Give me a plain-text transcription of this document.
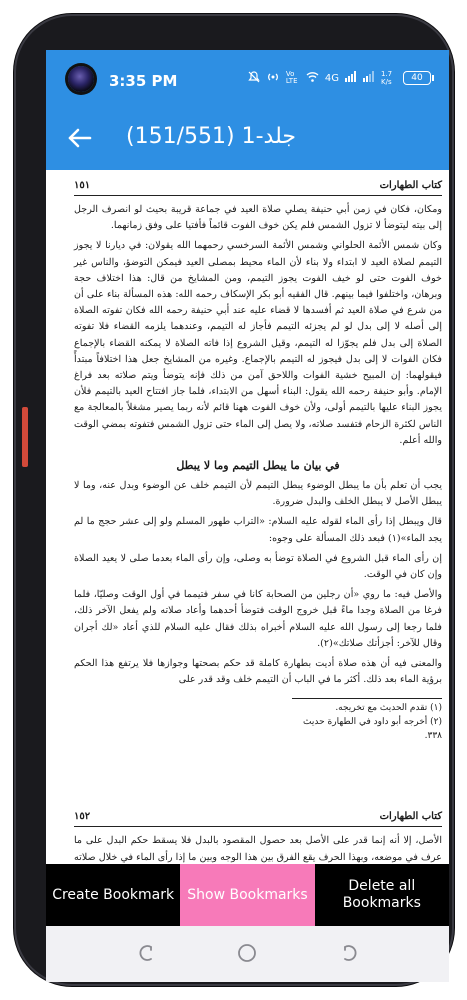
3:35 PM	Vo LTE	4G	1.7 K/s	40
جلد-1 (151/551)
كتاب الطهارات
١٥١

ومكان، فكان في زمن أبي حنيفة يصلي صلاة العيد في جماعة قريبة بحيث لو انصرف الرجل إلى بيته ليتوضأ لا تزول الشمس فلم يكن خوف الفوت قائماً فأفتيا على وفق زمانهما.

وكان شمس الأئمة الحلواني وشمس الأئمة السرخسي رحمهما الله يقولان: في ديارنا لا يجوز التيمم لصلاة العيد لا ابتداء ولا بناء لأن الماء محيط بمصلى العيد فيمكن التوضؤ، والناس غير خوف الفوت حتى لو خيف الفوت يجوز التيمم، ومن المشايخ من قال: هذا اختلاف حجة وبرهان، واختلفوا فيما بينهم. قال الفقيه أبو بكر الإسكاف رحمه الله: هذه المسألة بناء على أن من شرع في صلاة العيد ثم أفسدها لا قضاء عليه عند أبي حنيفة رحمه الله فكان تفوته الصلاة إلى أصله لا إلى بدل لو لم يجزئه التيمم فأجاز له التيمم، وعندهما يلزمه القضاء فلا تفوته الصلاة إلى بدل فلم يجوّزا له التيمم، وقيل الشروع إذا فاته الصلاة لا يمكنه القضاء بالإجماع فكان الفوات لا إلى بدل فيجوز له التيمم بالإجماع. وغيره من المشايخ جعل هذا اختلافاً مبتدأً فيقولهما: إن المبيح خشية الفوات واللاحق آمن من ذلك فإنه يتوضأ ويتم صلاته بعد فراغ الإمام. وأبو حنيفة رحمه الله يقول: البناء أسهل من الابتداء، فلما جاز افتتاح العيد بالتيمم فلأن يجوز البناء عليها بالتيمم أولى، ولأن خوف الفوت ههنا قائم لأنه ربما يصير مشغلاً بالمعالجة مع الناس لكثرة الزحام فتفسد صلاته، ولا يصل إلى الماء حتى تزول الشمس فتفوته بمضي الوقت والله أعلم.

في بيان ما يبطل التيمم وما لا يبطل

يجب أن تعلم بأن ما يبطل الوضوء يبطل التيمم لأن التيمم خلف عن الوضوء وبدل عنه، وما لا يبطل الأصل لا يبطل الخلف والبدل ضرورة.

قال ويبطل إذا رأى الماء لقوله عليه السلام: «التراب طهور المسلم ولو إلى عشر حجج ما لم يجد الماء»(١) فبعد ذلك المسألة على وجوه:

إن رأى الماء قبل الشروع في الصلاة توضأ به وصلى، وإن رأى الماء بعدما صلى لا يعيد الصلاة وإن كان في الوقت.

والأصل فيه: ما روي «أن رجلين من الصحابة كانا في سفر فتيمما في أول الوقت وصليّا، فلما فرغا من الصلاة وجدا ماءً قبل خروج الوقت فتوضأ أحدهما وأعاد صلاته ولم يفعل الآخر ذلك، فلما رجعا إلى رسول الله عليه السلام أخبراه بذلك فقال عليه السلام للذي أعاد «لك أجران وقال للآخر: أجزأتك صلاتك»(٢).

والمعنى فيه أن هذه صلاة أديت بطهارة كاملة قد حكم بصحتها وجوازها فلا يرتفع هذا الحكم برؤية الماء بعد ذلك. أكثر ما في الباب أن التيمم خلف وقد قدر على

(١) تقدم الحديث مع تخريجه.
(٢) أخرجه أبو داود في الطهارة حديث ٣٣٨.
كتاب الطهارات
١٥٢

الأصل، إلا أنه إنما قدر على الأصل بعد حصول المقصود بالبدل فلا يسقط حكم البدل على ما عرف في موضعه، وبهذا الحرف يقع الفرق بين هذا الوجه وبين ما إذا رأى الماء في خلال صلاته

Create Bookmark Show Bookmarks
Delete all Bookmarks
